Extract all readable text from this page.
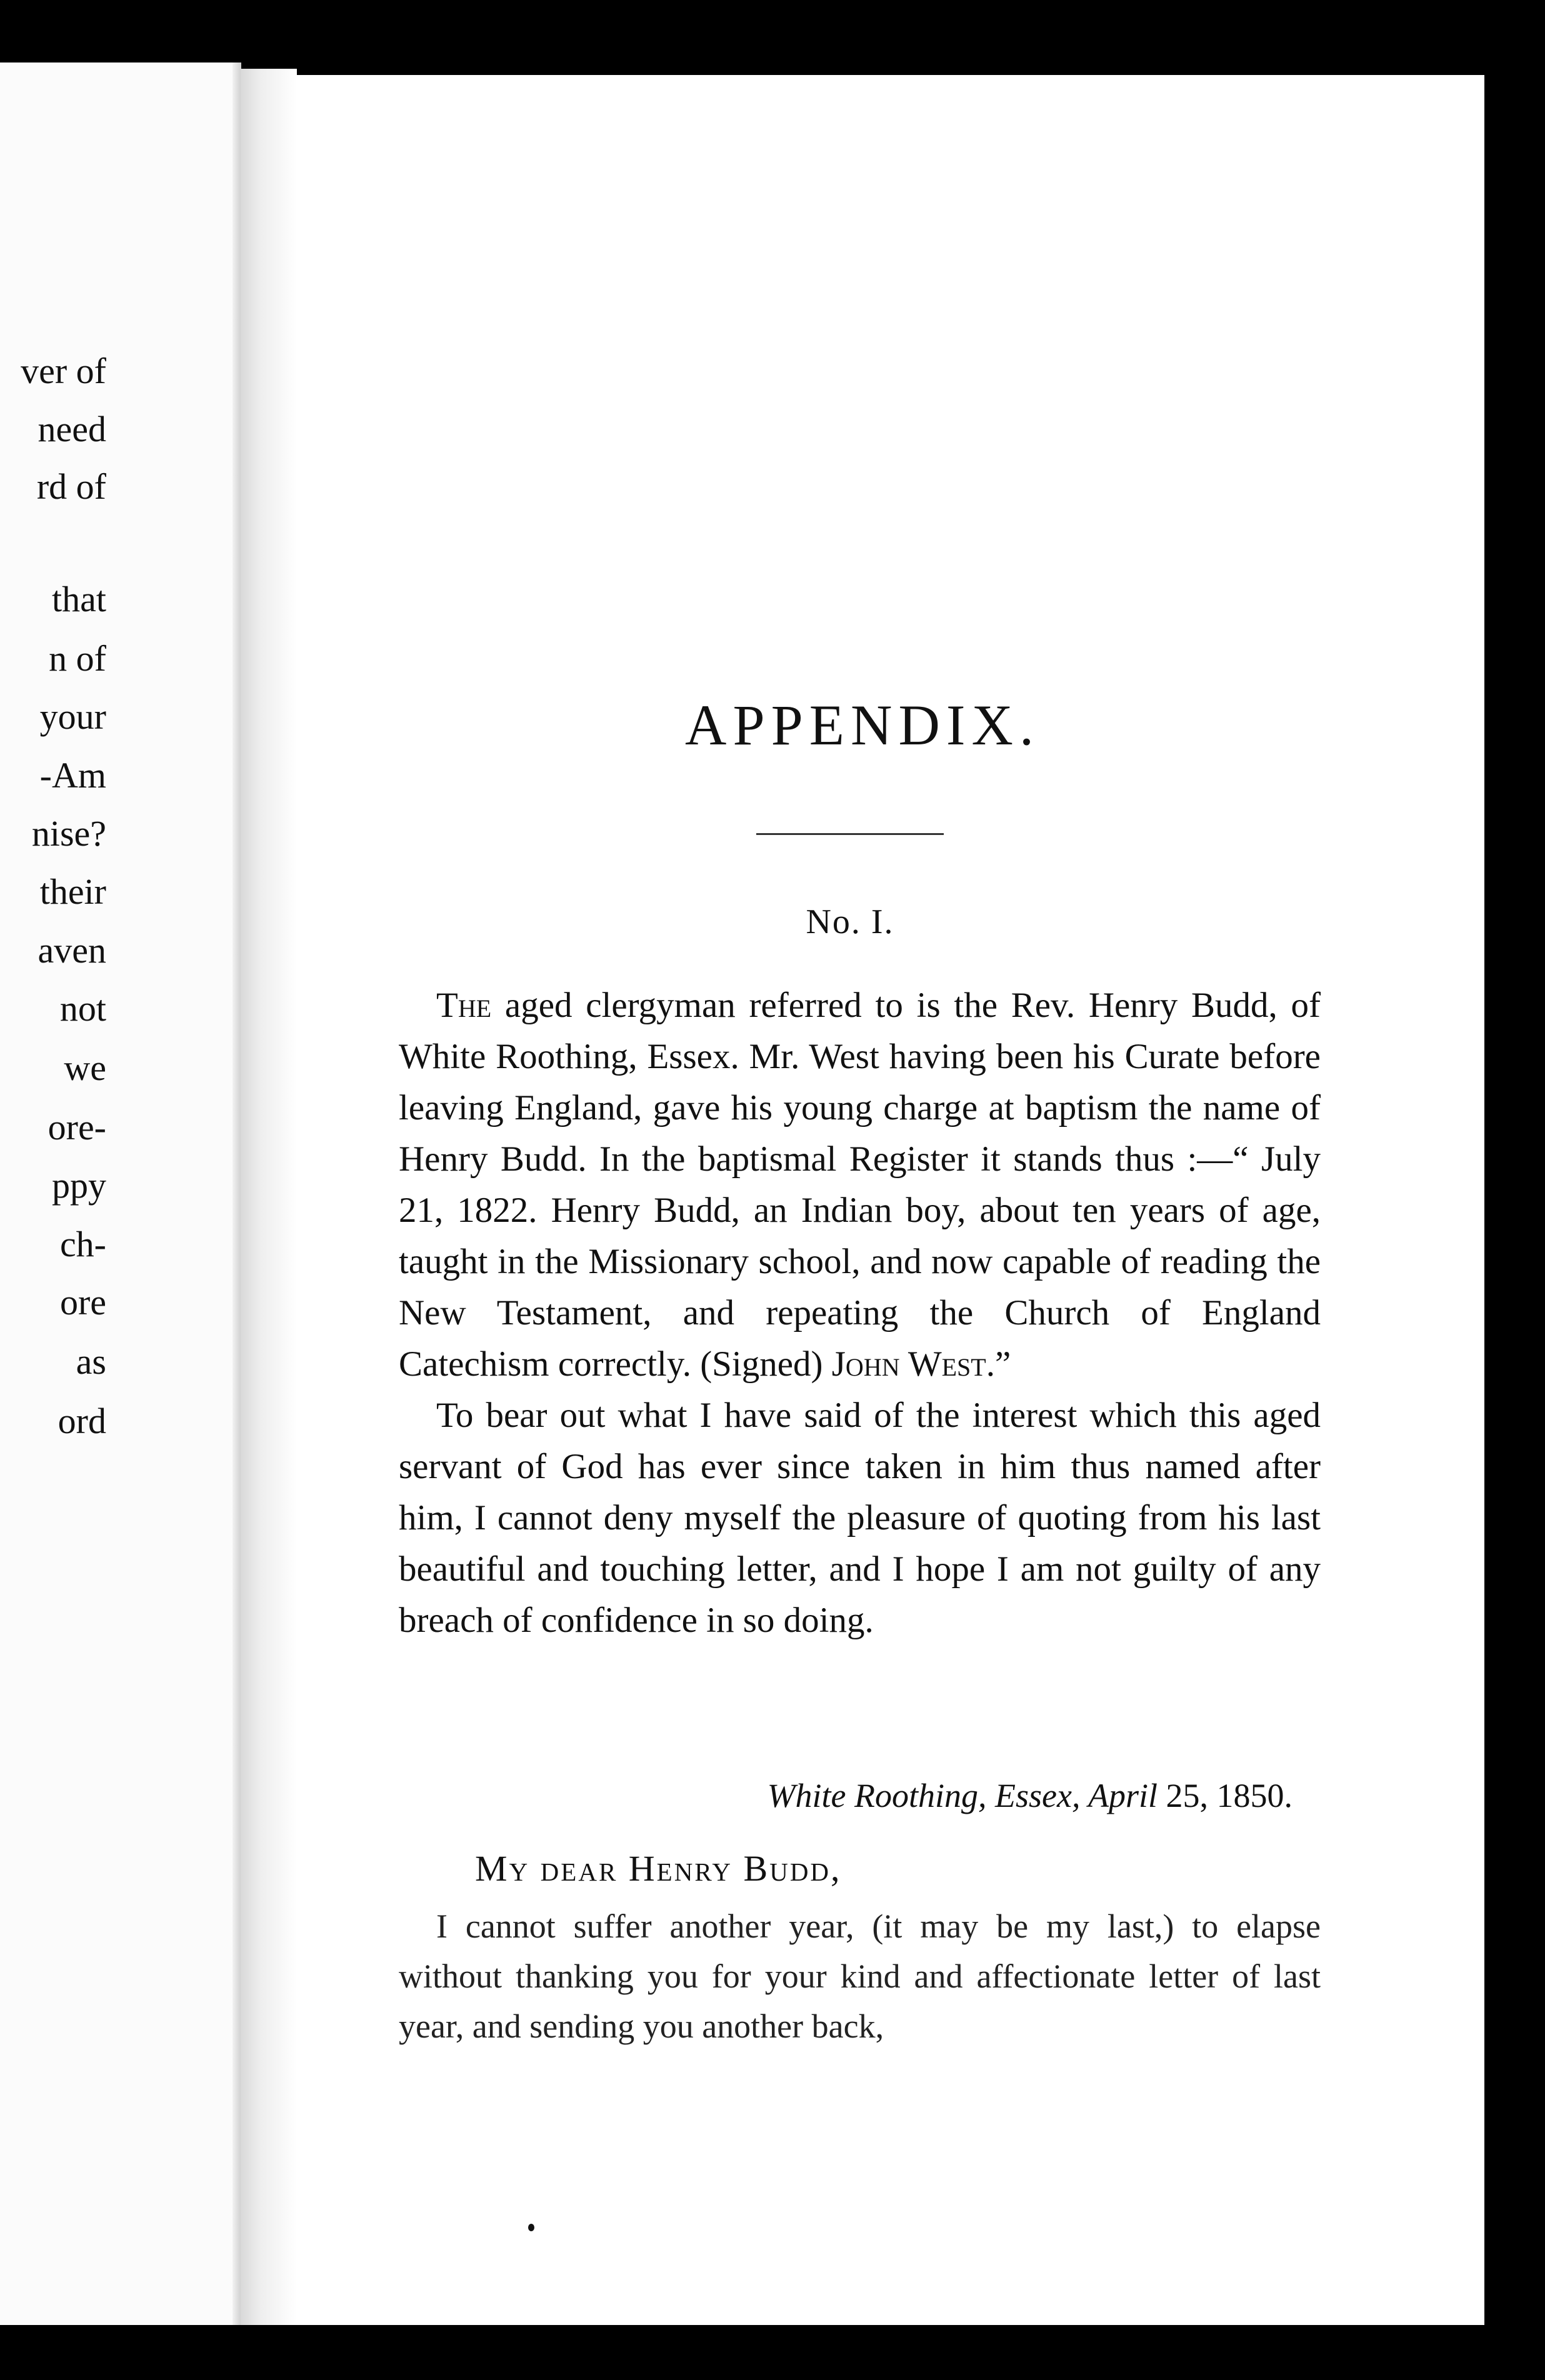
ver of
need
rd of
that
n of
your
-Am
nise?
their
aven
not
we
ore-
ppy
ch-
ore
as
ord
APPENDIX.
No. I.

The aged clergyman referred to is the Rev. Henry Budd, of White Roothing, Essex. Mr. West having been his Curate before leaving England, gave his young charge at baptism the name of Henry Budd. In the baptismal Register it stands thus :—“ July 21, 1822. Henry Budd, an Indian boy, about ten years of age, taught in the Missionary school, and now capable of reading the New Testament, and repeating the Church of England Catechism correctly. (Signed) John West.”

To bear out what I have said of the interest which this aged servant of God has ever since taken in him thus named after him, I cannot deny myself the pleasure of quoting from his last beautiful and touching letter, and I hope I am not guilty of any breach of confidence in so doing.

White Roothing, Essex, April 25, 1850.
My dear Henry Budd,

I cannot suffer another year, (it may be my last,) to elapse without thanking you for your kind and affectionate letter of last year, and sending you another back,
